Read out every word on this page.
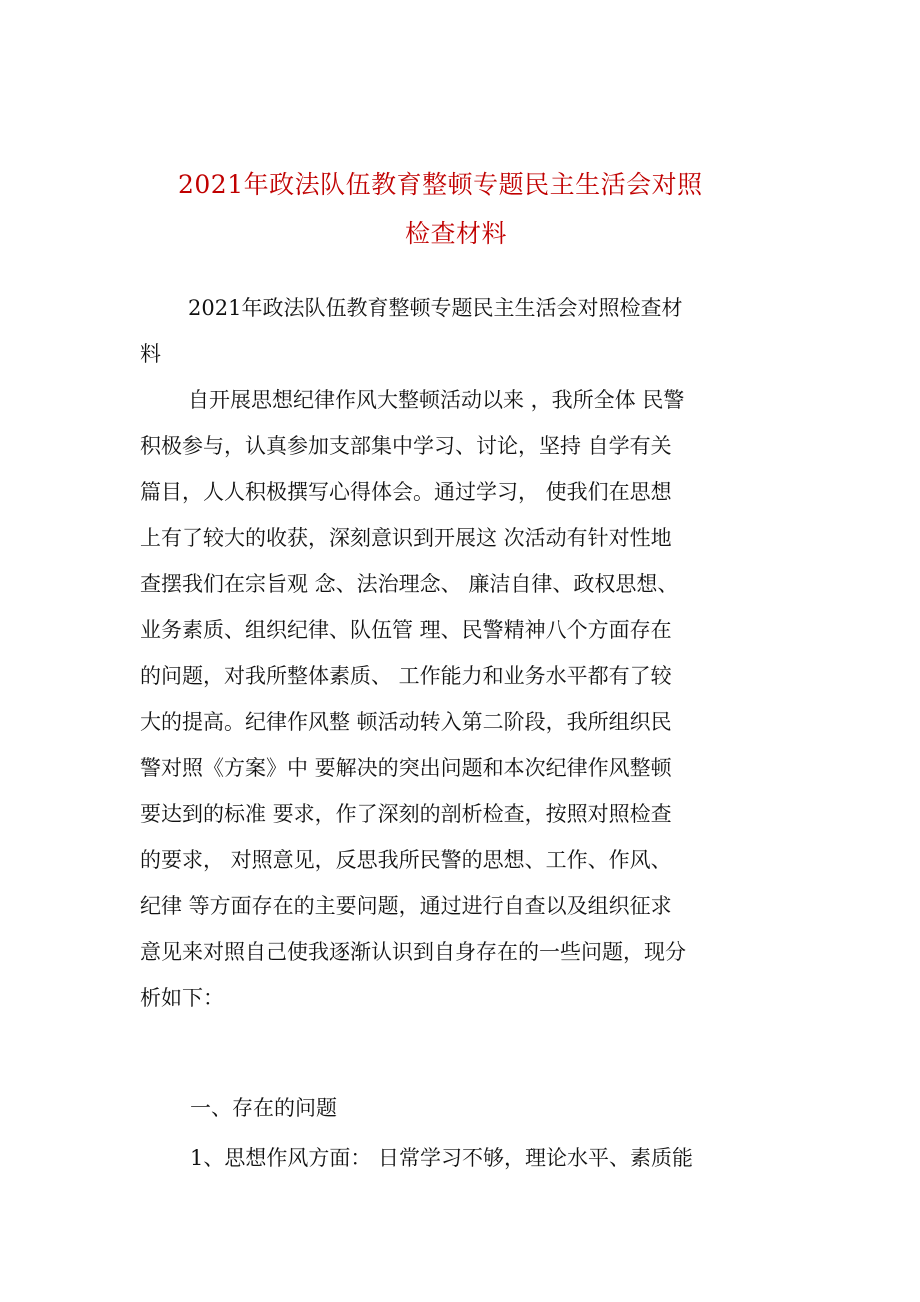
2021年政法队伍教育整顿专题民主生活会对照
检查材料
2021年政法队伍教育整顿专题民主生活会对照检查材
料
自开展思想纪律作风大整顿活动以来 ，我所全体 民警
积极参与，认真参加支部集中学习、讨论，坚持 自学有关
篇目，人人积极撰写心得体会。通过学习， 使我们在思想
上有了较大的收获，深刻意识到开展这 次活动有针对性地
查摆我们在宗旨观 念、法治理念、 廉洁自律、政权思想、
业务素质、组织纪律、队伍管 理、民警精神八个方面存在
的问题，对我所整体素质、 工作能力和业务水平都有了较
大的提高。纪律作风整 顿活动转入第二阶段，我所组织民
警对照《方案》中 要解决的突出问题和本次纪律作风整顿
要达到的标准 要求，作了深刻的剖析检查，按照对照检查
的要求， 对照意见，反思我所民警的思想、工作、作风、
纪律 等方面存在的主要问题，通过进行自查以及组织征求
意见来对照自己使我逐渐认识到自身存在的一些问题，现分
析如下：
一、存在的问题
1、思想作风方面： 日常学习不够，理论水平、素质能
